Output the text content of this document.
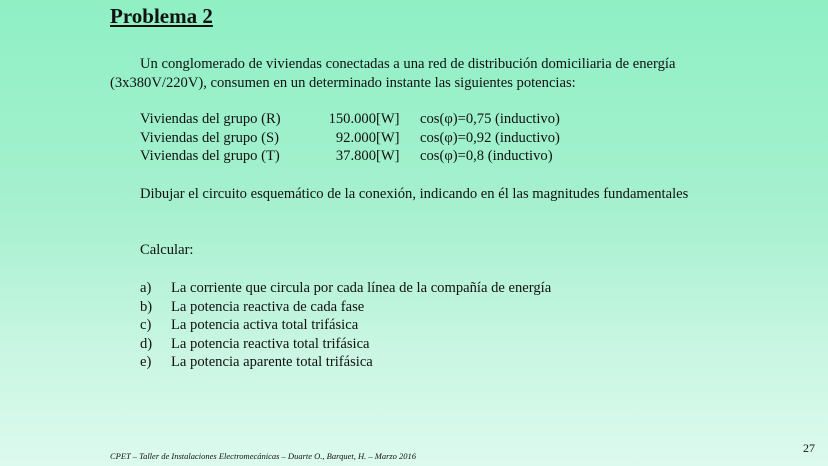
Problema 2
Un conglomerado de viviendas conectadas a una red de distribución domiciliaria de energía (3x380V/220V), consumen en un determinado instante las siguientes potencias:
Viviendas del grupo (R)	150.000 [W]	cos(φ)=0,75 (inductivo)
Viviendas del grupo (S)	92.000 [W]	cos(φ)=0,92 (inductivo)
Viviendas del grupo (T)	37.800 [W]	cos(φ)=0,8 (inductivo)
Dibujar el circuito esquemático de la conexión, indicando en él las magnitudes fundamentales
Calcular:
a)	La corriente que circula por cada línea de la compañía de energía
b)	La potencia reactiva de cada fase
c)	La potencia activa total trifásica
d)	La potencia reactiva total trifásica
e)	La potencia aparente total trifásica
CPET – Taller de Instalaciones Electromecánicas – Duarte O., Barquet, H. – Marzo 2016
27
